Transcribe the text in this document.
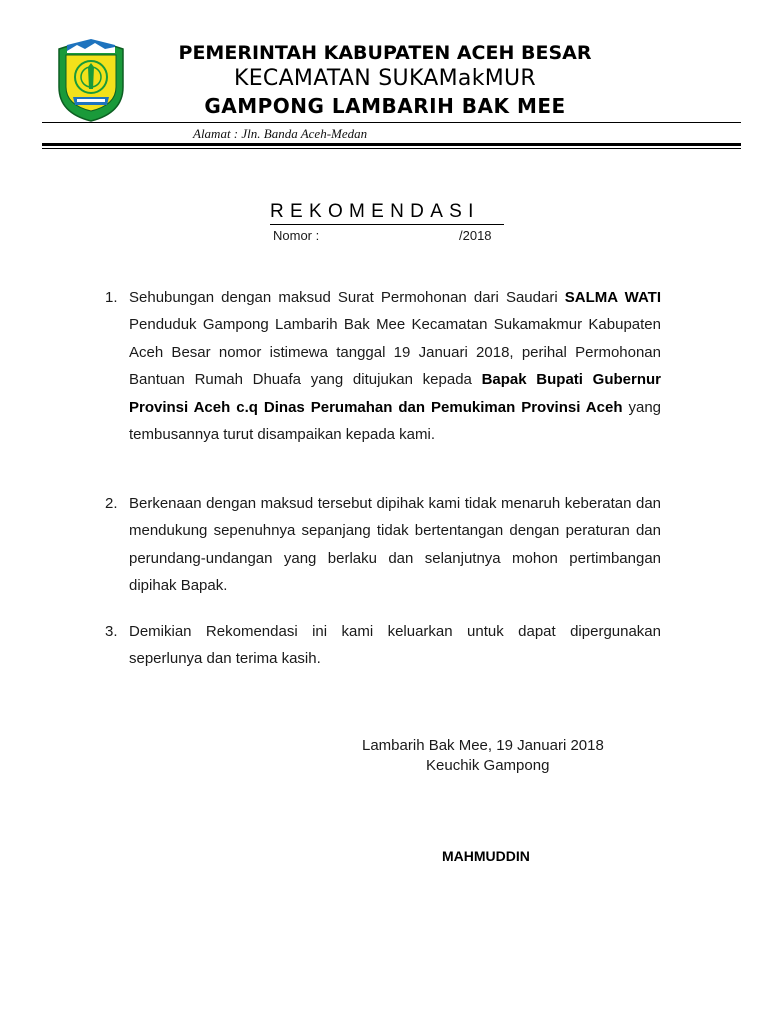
PEMERINTAH KABUPATEN ACEH BESAR
KECAMATAN SUKAMakMUR
GAMPONG LAMBARIH BAK MEE
Alamat : Jln. Banda Aceh-Medan
REKOMENDASI
Nomor :	/2018
1. Sehubungan dengan maksud Surat Permohonan dari Saudari SALMA WATI Penduduk Gampong Lambarih Bak Mee Kecamatan Sukamakmur Kabupaten Aceh Besar nomor istimewa tanggal 19 Januari 2018, perihal Permohonan Bantuan Rumah Dhuafa yang ditujukan kepada Bapak Bupati Gubernur Provinsi Aceh c.q Dinas Perumahan dan Pemukiman Provinsi Aceh yang tembusannya turut disampaikan kepada kami.
2. Berkenaan dengan maksud tersebut dipihak kami tidak menaruh keberatan dan mendukung sepenuhnya sepanjang tidak bertentangan dengan peraturan dan perundang-undangan yang berlaku dan selanjutnya mohon pertimbangan dipihak Bapak.
3. Demikian Rekomendasi ini kami keluarkan untuk dapat dipergunakan seperlunya dan terima kasih.
Lambarih Bak Mee, 19 Januari 2018
Keuchik Gampong
MAHMUDDIN
